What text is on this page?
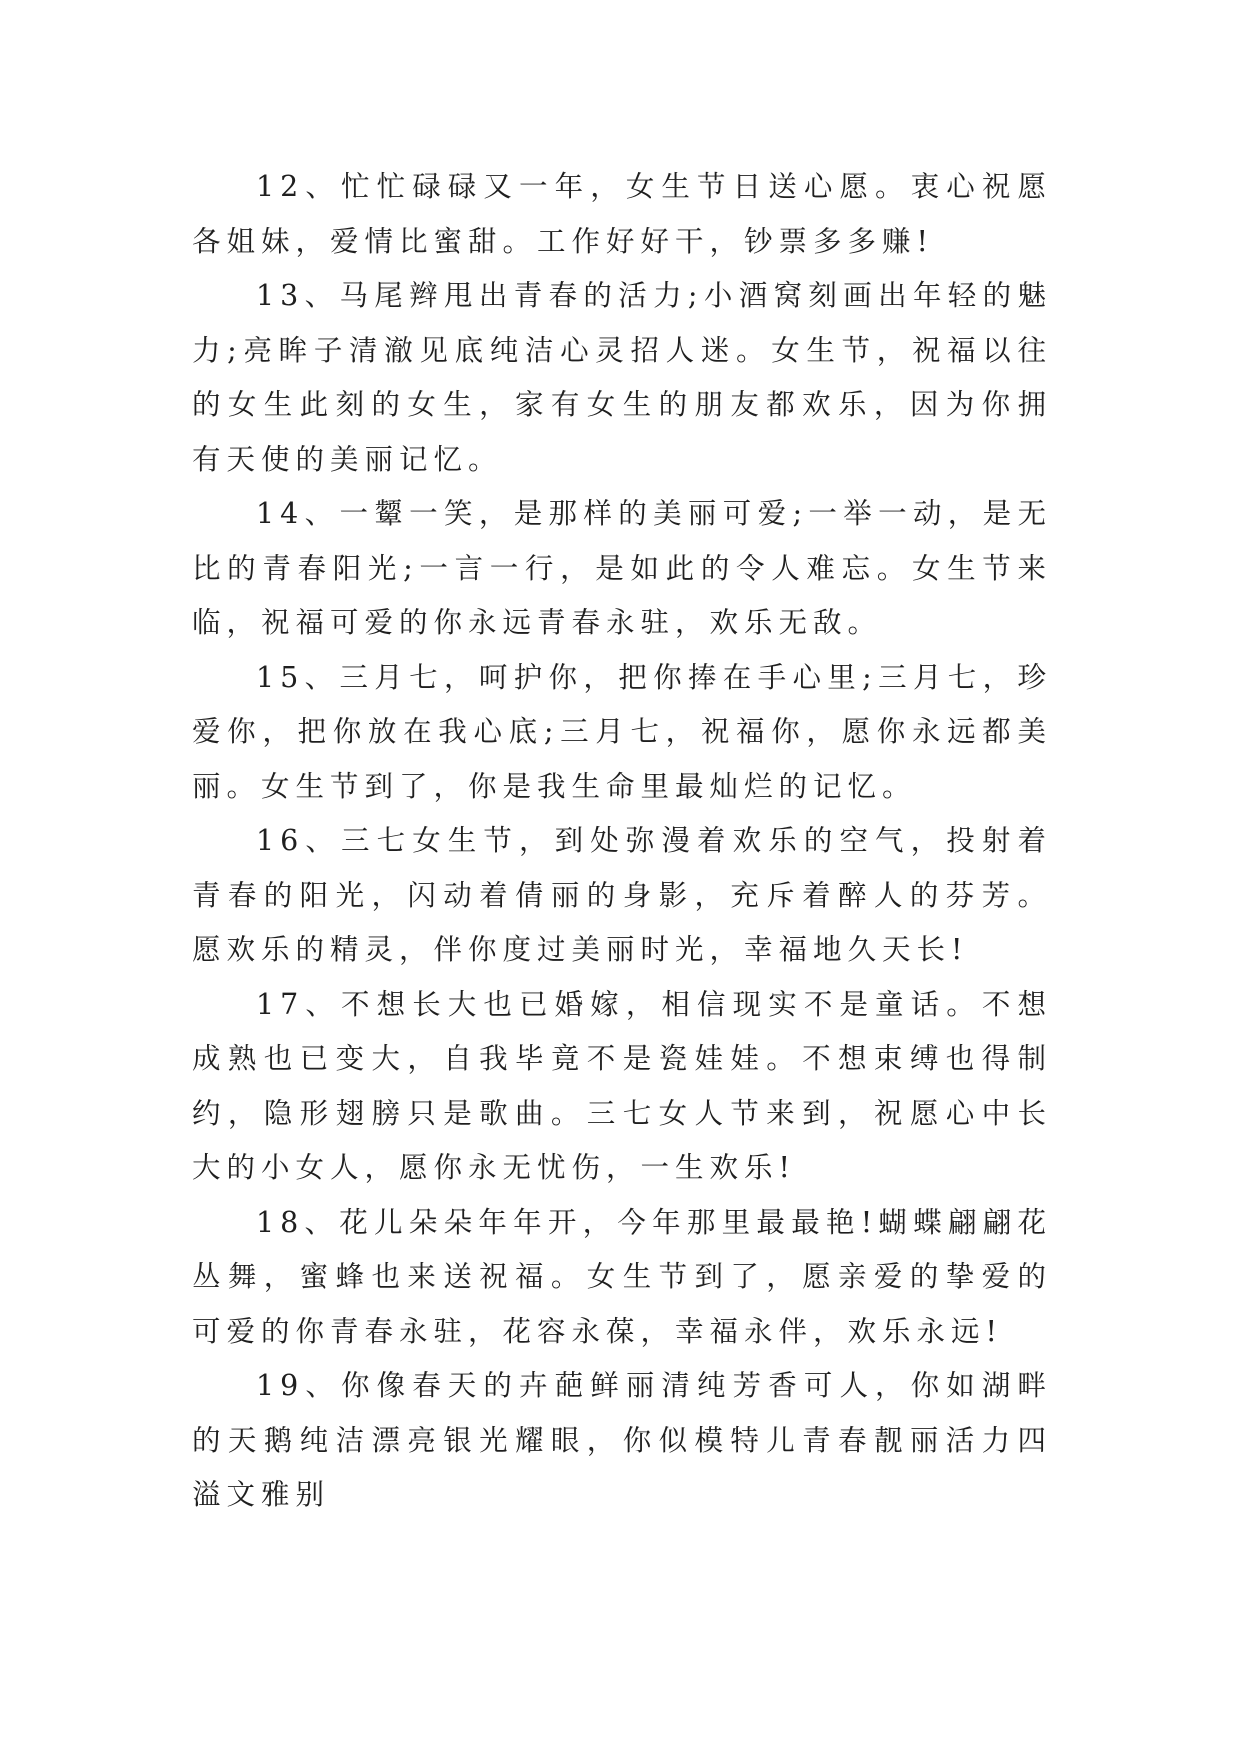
12、忙忙碌碌又一年，女生节日送心愿。衷心祝愿各姐妹，爱情比蜜甜。工作好好干，钞票多多赚!

13、马尾辫甩出青春的活力;小酒窝刻画出年轻的魅力;亮眸子清澈见底纯洁心灵招人迷。女生节，祝福以往的女生此刻的女生，家有女生的朋友都欢乐，因为你拥有天使的美丽记忆。

14、一颦一笑，是那样的美丽可爱;一举一动，是无比的青春阳光;一言一行，是如此的令人难忘。女生节来临，祝福可爱的你永远青春永驻，欢乐无敌。

15、三月七，呵护你，把你捧在手心里;三月七，珍爱你，把你放在我心底;三月七，祝福你，愿你永远都美丽。女生节到了，你是我生命里最灿烂的记忆。

16、三七女生节，到处弥漫着欢乐的空气，投射着青春的阳光，闪动着倩丽的身影，充斥着醉人的芬芳。愿欢乐的精灵，伴你度过美丽时光，幸福地久天长!

17、不想长大也已婚嫁，相信现实不是童话。不想成熟也已变大，自我毕竟不是瓷娃娃。不想束缚也得制约，隐形翅膀只是歌曲。三七女人节来到，祝愿心中长大的小女人，愿你永无忧伤，一生欢乐!

18、花儿朵朵年年开，今年那里最最艳!蝴蝶翩翩花丛舞，蜜蜂也来送祝福。女生节到了，愿亲爱的挚爱的可爱的你青春永驻，花容永葆，幸福永伴，欢乐永远!

19、你像春天的卉葩鲜丽清纯芳香可人，你如湖畔的天鹅纯洁漂亮银光耀眼，你似模特儿青春靓丽活力四溢文雅别
